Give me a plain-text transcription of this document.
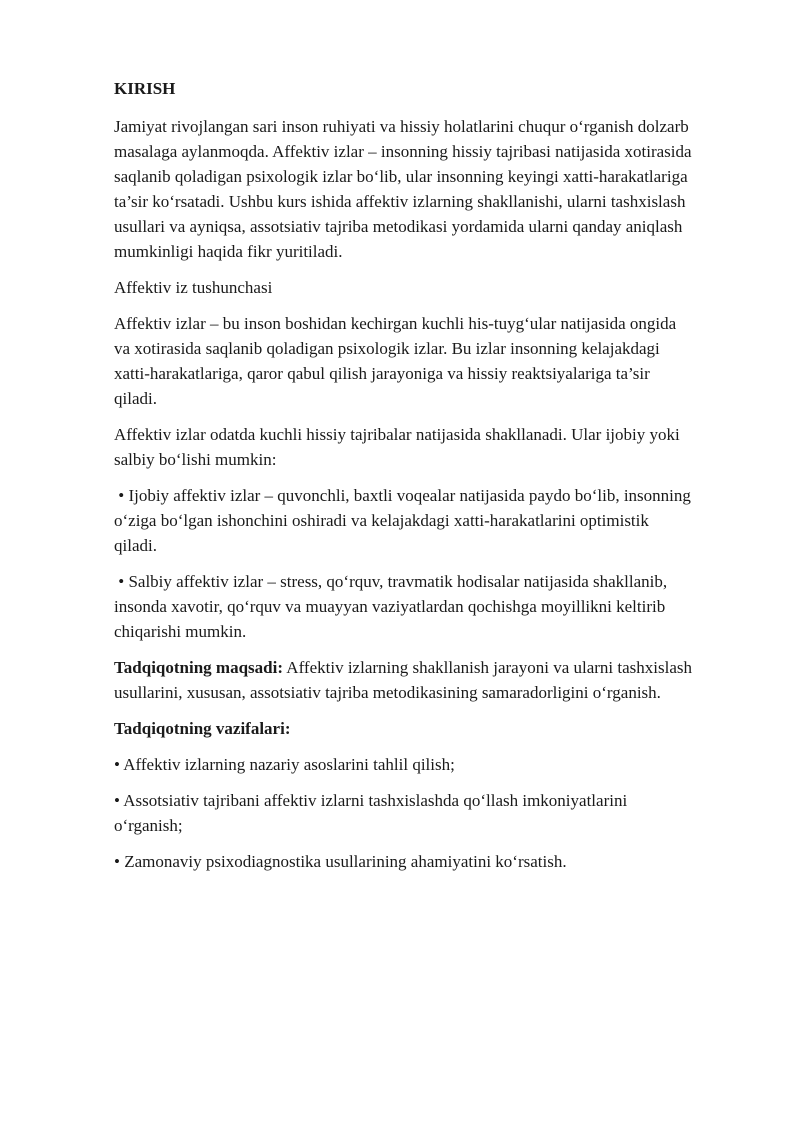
KIRISH

Jamiyat rivojlangan sari inson ruhiyati va hissiy holatlarini chuqur o‘rganish dolzarb masalaga aylanmoqda. Affektiv izlar – insonning hissiy tajribasi natijasida xotirasida saqlanib qoladigan psixologik izlar bo‘lib, ular insonning keyingi xatti-harakatlariga ta’sir ko‘rsatadi. Ushbu kurs ishida affektiv izlarning shakllanishi, ularni tashxislash usullari va ayniqsa, assotsiativ tajriba metodikasi yordamida ularni qanday aniqlash mumkinligi haqida fikr yuritiladi.

Affektiv iz tushunchasi

Affektiv izlar – bu inson boshidan kechirgan kuchli his-tuyg‘ular natijasida ongida va xotirasida saqlanib qoladigan psixologik izlar. Bu izlar insonning kelajakdagi xatti-harakatlariga, qaror qabul qilish jarayoniga va hissiy reaktsiyalariga ta’sir qiladi.

Affektiv izlar odatda kuchli hissiy tajribalar natijasida shakllanadi. Ular ijobiy yoki salbiy bo‘lishi mumkin:

• Ijobiy affektiv izlar – quvonchli, baxtli voqealar natijasida paydo bo‘lib, insonning o‘ziga bo‘lgan ishonchini oshiradi va kelajakdagi xatti-harakatlarini optimistik qiladi.

• Salbiy affektiv izlar – stress, qo‘rquv, travmatik hodisalar natijasida shakllanib, insonda xavotir, qo‘rquv va muayyan vaziyatlardan qochishga moyillikni keltirib chiqarishi mumkin.

Tadqiqotning maqsadi: Affektiv izlarning shakllanish jarayoni va ularni tashxislash usullarini, xususan, assotsiativ tajriba metodikasining samaradorligini o‘rganish.

Tadqiqotning vazifalari:

• Affektiv izlarning nazariy asoslarini tahlil qilish;

• Assotsiativ tajribani affektiv izlarni tashxislashda qo‘llash imkoniyatlarini o‘rganish;

• Zamonaviy psixodiagnostika usullarining ahamiyatini ko‘rsatish.
